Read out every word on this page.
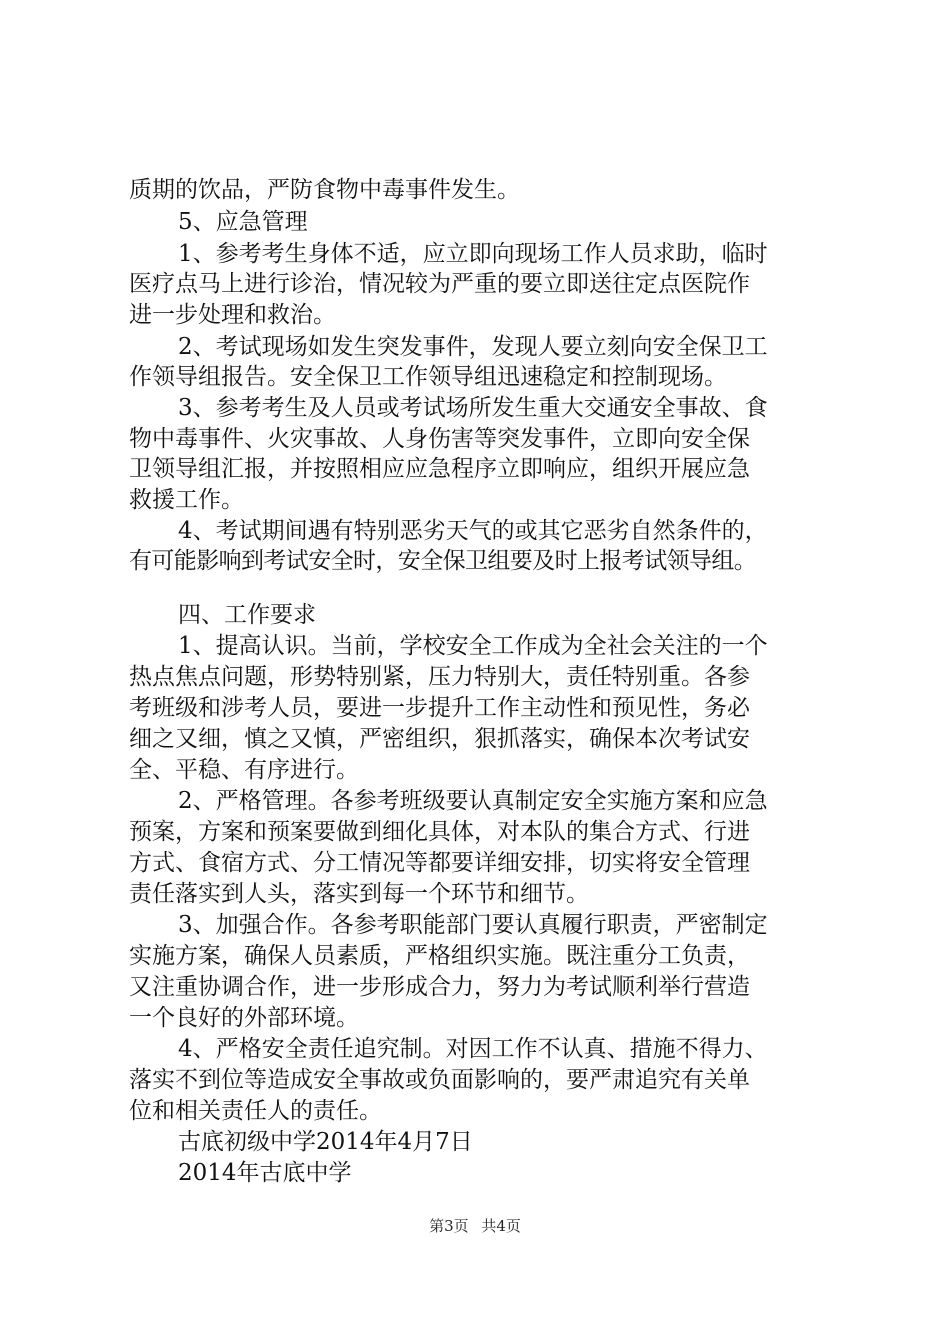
质期的饮品，严防食物中毒事件发生。

5、应急管理

1、参考考生身体不适，应立即向现场工作人员求助，临时

医疗点马上进行诊治，情况较为严重的要立即送往定点医院作

进一步处理和救治。

2、考试现场如发生突发事件，发现人要立刻向安全保卫工

作领导组报告。安全保卫工作领导组迅速稳定和控制现场。

3、参考考生及人员或考试场所发生重大交通安全事故、食

物中毒事件、火灾事故、人身伤害等突发事件，立即向安全保

卫领导组汇报，并按照相应应急程序立即响应，组织开展应急

救援工作。

4、考试期间遇有特别恶劣天气的或其它恶劣自然条件的，

有可能影响到考试安全时，安全保卫组要及时上报考试领导组。

四、工作要求

1、提高认识。当前，学校安全工作成为全社会关注的一个

热点焦点问题，形势特别紧，压力特别大，责任特别重。各参

考班级和涉考人员，要进一步提升工作主动性和预见性，务必

细之又细，慎之又慎，严密组织，狠抓落实，确保本次考试安

全、平稳、有序进行。

2、严格管理。各参考班级要认真制定安全实施方案和应急

预案，方案和预案要做到细化具体，对本队的集合方式、行进

方式、食宿方式、分工情况等都要详细安排，切实将安全管理

责任落实到人头，落实到每一个环节和细节。

3、加强合作。各参考职能部门要认真履行职责，严密制定

实施方案，确保人员素质，严格组织实施。既注重分工负责，

又注重协调合作，进一步形成合力，努力为考试顺利举行营造

一个良好的外部环境。

4、严格安全责任追究制。对因工作不认真、措施不得力、

落实不到位等造成安全事故或负面影响的，要严肃追究有关单

位和相关责任人的责任。

古底初级中学2014年4月7日

2014年古底中学

第3页 共4页
